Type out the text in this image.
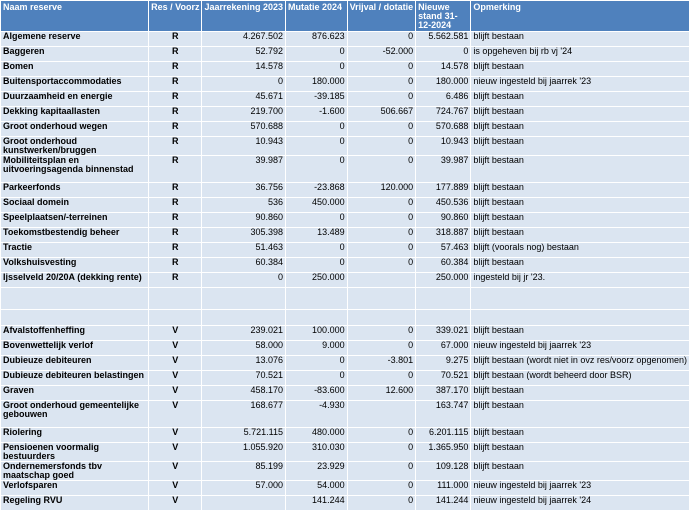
Naam reserve	Res / Voorz	Jaarrekening 2023	Mutatie 2024	Vrijval / dotatie	Nieuwe stand 31-12-2024	Opmerking
Algemene reserve	R	4.267.502	876.623	0	5.562.581	blijft bestaan
Baggeren	R	52.792	0	-52.000	0	is opgeheven bij rb vj '24
Bomen	R	14.578	0	0	14.578	blijft bestaan
Buitensportaccommodaties	R	0	180.000	0	180.000	nieuw ingesteld bij jaarrek '23
Duurzaamheid en energie	R	45.671	-39.185	0	6.486	blijft bestaan
Dekking kapitaallasten	R	219.700	-1.600	506.667	724.767	blijft bestaan
Groot onderhoud wegen	R	570.688	0	0	570.688	blijft bestaan
Groot onderhoud kunstwerken/bruggen	R	10.943	0	0	10.943	blijft bestaan
Mobiliteitsplan en uitvoeringsagenda binnenstad	R	39.987	0	0	39.987	blijft bestaan
Parkeerfonds	R	36.756	-23.868	120.000	177.889	blijft bestaan
Sociaal domein	R	536	450.000	0	450.536	blijft bestaan
Speelplaatsen/-terreinen	R	90.860	0	0	90.860	blijft bestaan
Toekomstbestendig beheer	R	305.398	13.489	0	318.887	blijft bestaan
Tractie	R	51.463	0	0	57.463	blijft (voorals nog) bestaan
Volkshuisvesting	R	60.384	0	0	60.384	blijft bestaan
Ijsselveld 20/20A (dekking rente)	R	0	250.000		250.000	ingesteld bij jr '23.

Afvalstoffenheffing	V	239.021	100.000	0	339.021	blijft bestaan
Bovenwettelijk verlof	V	58.000	9.000	0	67.000	nieuw ingesteld bij jaarrek '23
Dubieuze debiteuren	V	13.076	0	-3.801	9.275	blijft bestaan (wordt niet in ovz res/voorz opgenomen)
Dubieuze debiteuren belastingen	V	70.521	0	0	70.521	blijft bestaan (wordt beheerd door BSR)
Graven	V	458.170	-83.600	12.600	387.170	blijft bestaan
Groot onderhoud gemeentelijke gebouwen	V	168.677	-4.930		163.747	blijft bestaan
Riolering	V	5.721.115	480.000	0	6.201.115	blijft bestaan
Pensioenen voormalig bestuurders	V	1.055.920	310.030	0	1.365.950	blijft bestaan
Ondernemersfonds tbv maatschap goed	V	85.199	23.929	0	109.128	blijft bestaan
Verlofsparen	V	57.000	54.000	0	111.000	nieuw ingesteld bij jaarrek '23
Regeling RVU	V		141.244	0	141.244	nieuw ingesteld bij jaarrek '24
